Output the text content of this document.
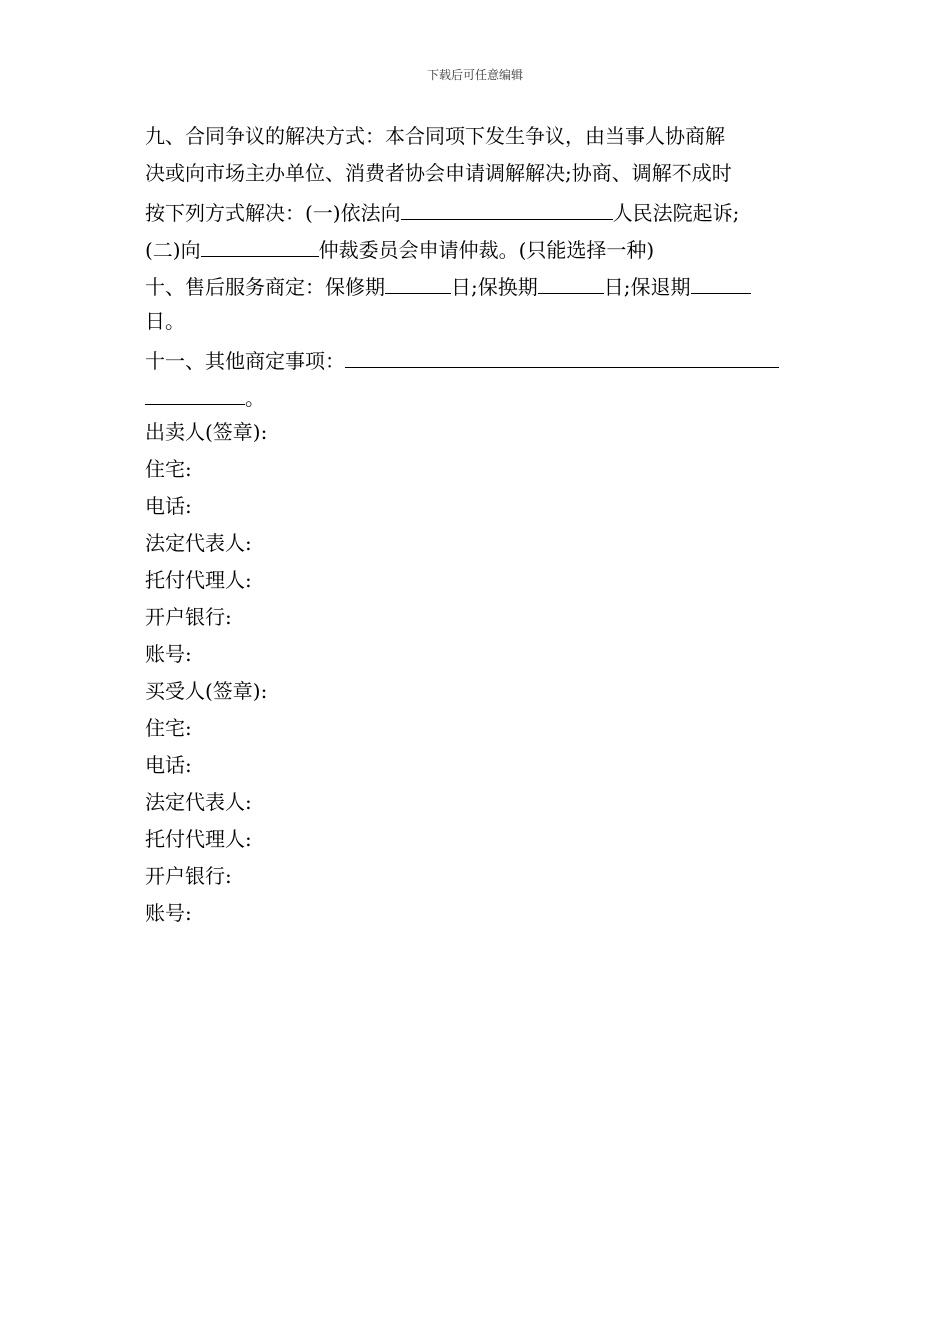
下载后可任意编辑
九、合同争议的解决方式：本合同项下发生争议，由当事人协商解
决或向市场主办单位、消费者协会申请调解解决;协商、调解不成时
按下列方式解决：(一)依法向	人民法院起诉;
(二)向	仲裁委员会申请仲裁。(只能选择一种)
十、售后服务商定：保修期	日;保换期	日;保退期
日。
十一、其他商定事项：
。
出卖人(签章):
住宅:
电话:
法定代表人:
托付代理人:
开户银行:
账号:
买受人(签章):
住宅:
电话:
法定代表人:
托付代理人:
开户银行:
账号:
